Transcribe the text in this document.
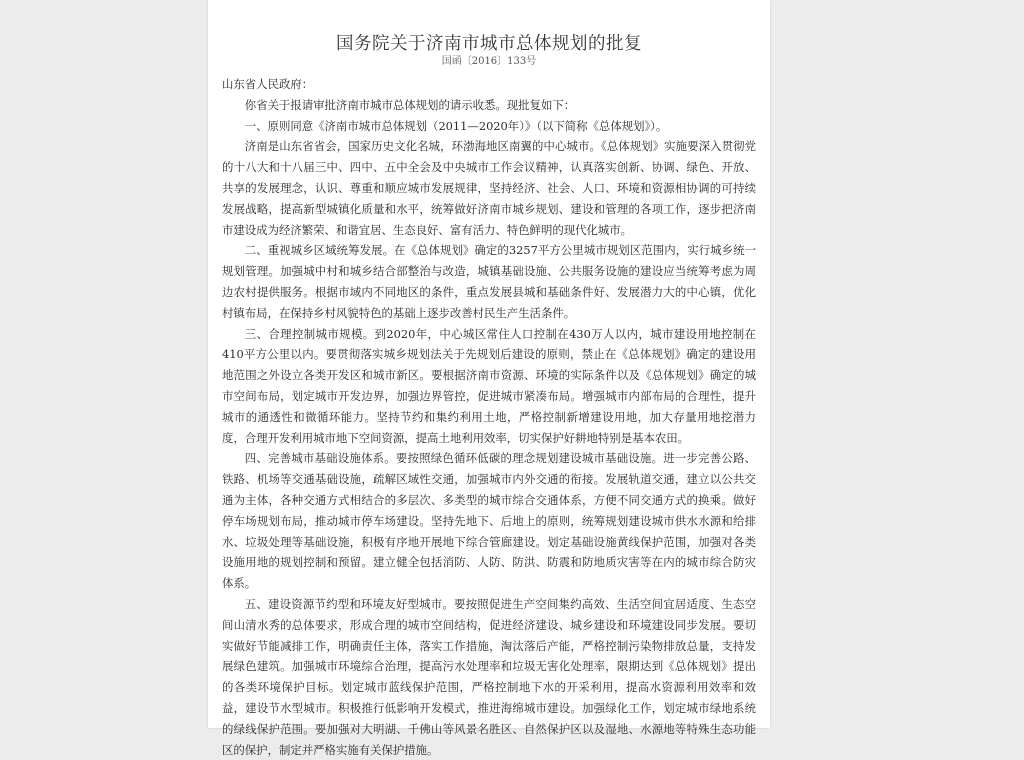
国务院关于济南市城市总体规划的批复
国函〔2016〕133号

山东省人民政府：

你省关于报请审批济南市城市总体规划的请示收悉。现批复如下：

一、原则同意《济南市城市总体规划（2011—2020年）》（以下简称《总体规划》）。

济南是山东省省会，国家历史文化名城，环渤海地区南翼的中心城市。《总体规划》实施要深入贯彻党的十八大和十八届三中、四中、五中全会及中央城市工作会议精神，认真落实创新、协调、绿色、开放、共享的发展理念，认识、尊重和顺应城市发展规律，坚持经济、社会、人口、环境和资源相协调的可持续发展战略，提高新型城镇化质量和水平，统筹做好济南市城乡规划、建设和管理的各项工作，逐步把济南市建设成为经济繁荣、和谐宜居、生态良好、富有活力、特色鲜明的现代化城市。

二、重视城乡区域统筹发展。在《总体规划》确定的3257平方公里城市规划区范围内，实行城乡统一规划管理。加强城中村和城乡结合部整治与改造，城镇基础设施、公共服务设施的建设应当统筹考虑为周边农村提供服务。根据市域内不同地区的条件，重点发展县城和基础条件好、发展潜力大的中心镇，优化村镇布局，在保持乡村风貌特色的基础上逐步改善村民生产生活条件。

三、合理控制城市规模。到2020年，中心城区常住人口控制在430万人以内，城市建设用地控制在410平方公里以内。要贯彻落实城乡规划法关于先规划后建设的原则，禁止在《总体规划》确定的建设用地范围之外设立各类开发区和城市新区。要根据济南市资源、环境的实际条件以及《总体规划》确定的城市空间布局，划定城市开发边界，加强边界管控，促进城市紧凑布局。增强城市内部布局的合理性，提升城市的通透性和微循环能力。坚持节约和集约利用土地，严格控制新增建设用地，加大存量用地挖潜力度，合理开发利用城市地下空间资源，提高土地利用效率，切实保护好耕地特别是基本农田。

四、完善城市基础设施体系。要按照绿色循环低碳的理念规划建设城市基础设施。进一步完善公路、铁路、机场等交通基础设施，疏解区域性交通，加强城市内外交通的衔接。发展轨道交通，建立以公共交通为主体，各种交通方式相结合的多层次、多类型的城市综合交通体系，方便不同交通方式的换乘。做好停车场规划布局，推动城市停车场建设。坚持先地下、后地上的原则，统筹规划建设城市供水水源和给排水、垃圾处理等基础设施，积极有序地开展地下综合管廊建设。划定基础设施黄线保护范围，加强对各类设施用地的规划控制和预留。建立健全包括消防、人防、防洪、防震和防地质灾害等在内的城市综合防灾体系。

五、建设资源节约型和环境友好型城市。要按照促进生产空间集约高效、生活空间宜居适度、生态空间山清水秀的总体要求，形成合理的城市空间结构，促进经济建设、城乡建设和环境建设同步发展。要切实做好节能减排工作，明确责任主体，落实工作措施，淘汰落后产能，严格控制污染物排放总量，支持发展绿色建筑。加强城市环境综合治理，提高污水处理率和垃圾无害化处理率，限期达到《总体规划》提出的各类环境保护目标。划定城市蓝线保护范围，严格控制地下水的开采利用，提高水资源利用效率和效益，建设节水型城市。积极推行低影响开发模式，推进海绵城市建设。加强绿化工作，划定城市绿地系统的绿线保护范围。要加强对大明湖、千佛山等风景名胜区、自然保护区以及湿地、水源地等特殊生态功能区的保护，制定并严格实施有关保护措施。
